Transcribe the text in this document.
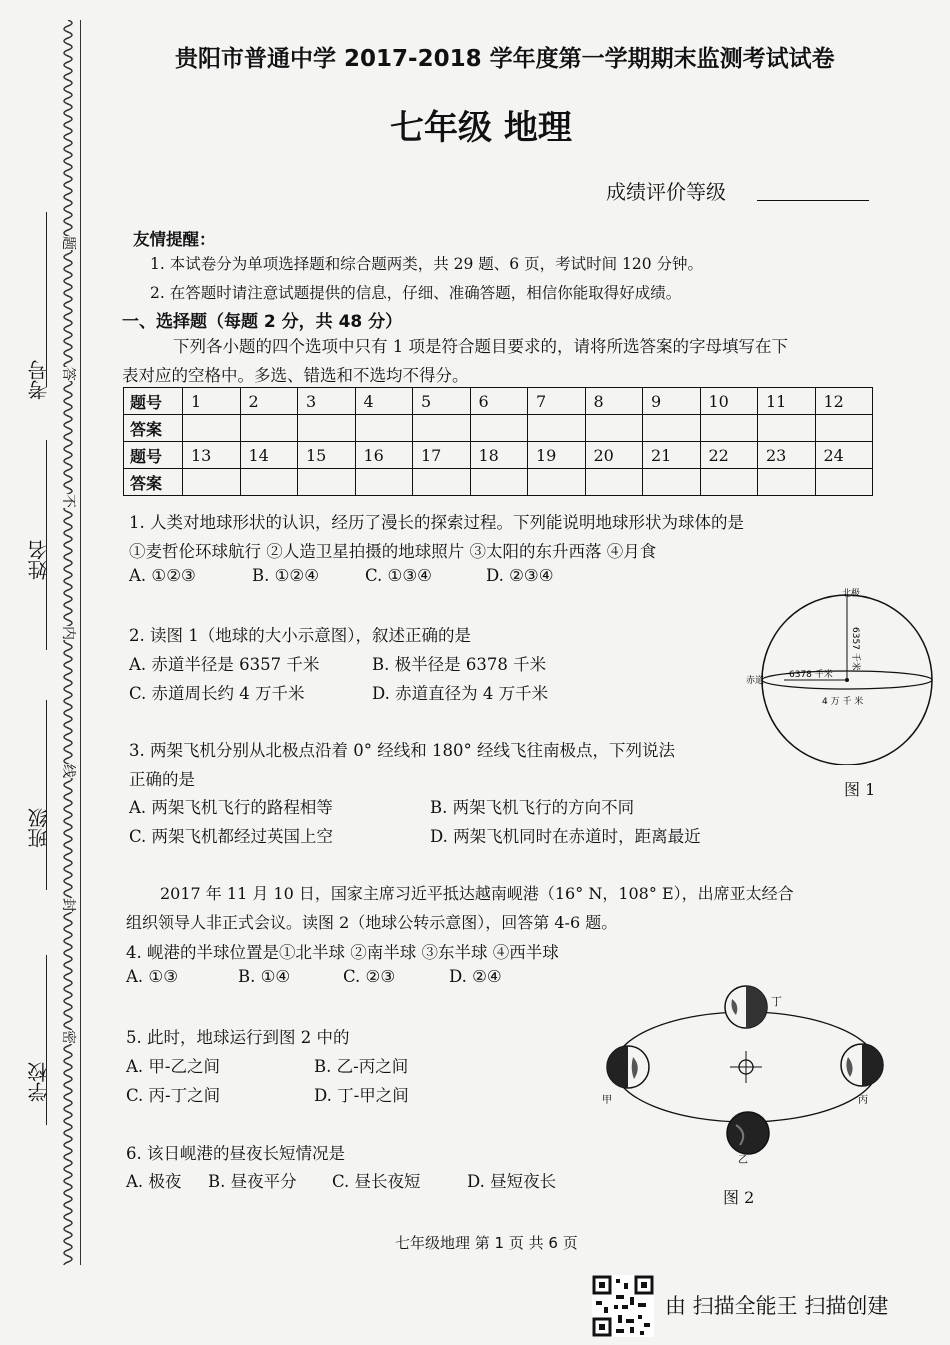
考号
姓名
班级
学校
题
答
不
内
线
封
密
贵阳市普通中学 2017-2018 学年度第一学期期末监测考试试卷
七年级 地理
成绩评价等级
友情提醒：
1. 本试卷分为单项选择题和综合题两类，共 29 题、6 页，考试时间 120 分钟。
2. 在答题时请注意试题提供的信息，仔细、准确答题，相信你能取得好成绩。
一、选择题（每题 2 分，共 48 分）
下列各小题的四个选项中只有 1 项是符合题目要求的，请将所选答案的字母填写在下
表对应的空格中。多选、错选和不选均不得分。
题号	1	2	3	4	5	6	7	8	9	10	11	12
答案												
题号	13	14	15	16	17	18	19	20	21	22	23	24
答案												
1. 人类对地球形状的认识，经历了漫长的探索过程。下列能说明地球形状为球体的是
①麦哲伦环球航行 ②人造卫星拍摄的地球照片 ③太阳的东升西落 ④月食
A. ①②③	B. ①②④	C. ①③④	D. ②③④
2. 读图 1（地球的大小示意图），叙述正确的是
A. 赤道半径是 6357 千米	B. 极半径是 6378 千米
C. 赤道周长约 4 万千米	D. 赤道直径为 4 万千米
3. 两架飞机分别从北极点沿着 0° 经线和 180° 经线飞往南极点，下列说法
正确的是
A. 两架飞机飞行的路程相等	B. 两架飞机飞行的方向不同
C. 两架飞机都经过英国上空	D. 两架飞机同时在赤道时，距离最近
2017 年 11 月 10 日，国家主席习近平抵达越南岘港（16° N，108° E），出席亚太经合
组织领导人非正式会议。读图 2（地球公转示意图），回答第 4-6 题。
4. 岘港的半球位置是①北半球 ②南半球 ③东半球 ④西半球
A. ①③	B. ①④	C. ②③	D. ②④
5. 此时，地球运行到图 2 中的
A. 甲-乙之间	B. 乙-丙之间
C. 丙-丁之间	D. 丁-甲之间
6. 该日岘港的昼夜长短情况是
A. 极夜 B. 昼夜平分 C. 昼长夜短	D. 昼短夜长
北极
赤道
6378 千米
6357 千米
4 万 千 米
图 1
丁
甲	丙
乙
图 2
七年级地理 第 1 页 共 6 页
由 扫描全能王 扫描创建
